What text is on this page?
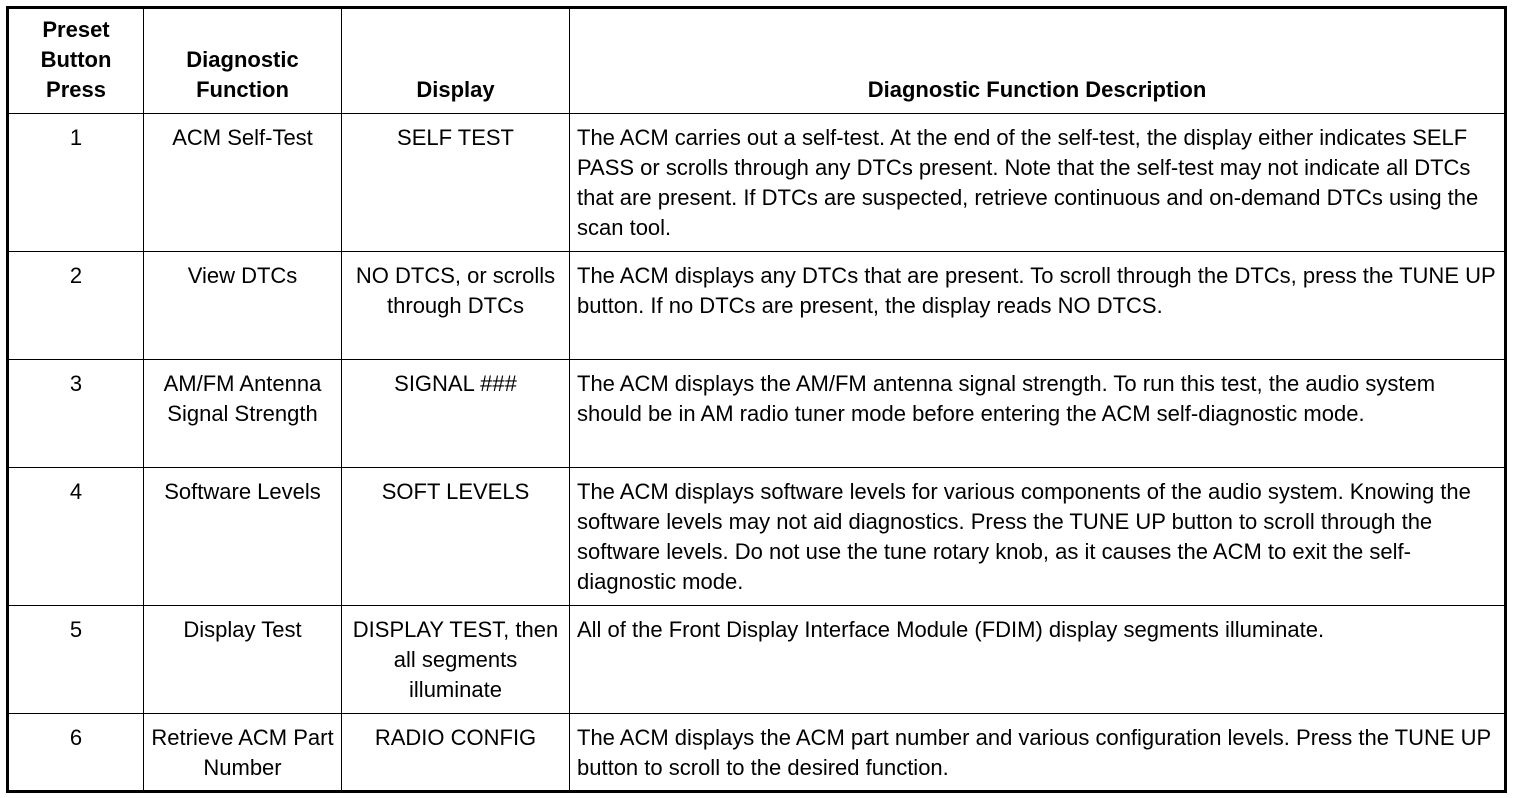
Preset Button Press	Diagnostic Function	Display	Diagnostic Function Description
1	ACM Self-Test	SELF TEST	The ACM carries out a self-test. At the end of the self-test, the display either indicates SELF PASS or scrolls through any DTCs present. Note that the self-test may not indicate all DTCs that are present. If DTCs are suspected, retrieve continuous and on-demand DTCs using the scan tool.
2	View DTCs	NO DTCS, or scrolls through DTCs	The ACM displays any DTCs that are present. To scroll through the DTCs, press the TUNE UP button. If no DTCs are present, the display reads NO DTCS.
3	AM/FM Antenna Signal Strength	SIGNAL ###	The ACM displays the AM/FM antenna signal strength. To run this test, the audio system should be in AM radio tuner mode before entering the ACM self-diagnostic mode.
4	Software Levels	SOFT LEVELS	The ACM displays software levels for various components of the audio system. Knowing the software levels may not aid diagnostics. Press the TUNE UP button to scroll through the software levels. Do not use the tune rotary knob, as it causes the ACM to exit the self-diagnostic mode.
5	Display Test	DISPLAY TEST, then all segments illuminate	All of the Front Display Interface Module (FDIM) display segments illuminate.
6	Retrieve ACM Part Number	RADIO CONFIG	The ACM displays the ACM part number and various configuration levels. Press the TUNE UP button to scroll to the desired function.
